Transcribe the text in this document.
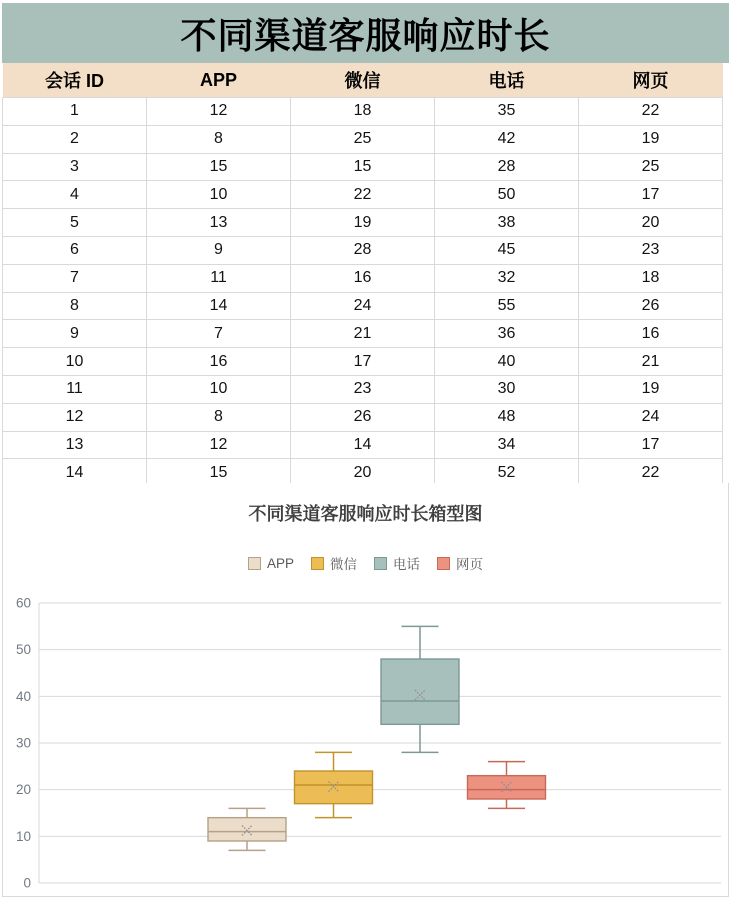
不同渠道客服响应时长
会话 ID	APP	微信	电话	网页
1	12	18	35	22
2	8	25	42	19
3	15	15	28	25
4	10	22	50	17
5	13	19	38	20
6	9	28	45	23
7	11	16	32	18
8	14	24	55	26
9	7	21	36	16
10	16	17	40	21
11	10	23	30	19
12	8	26	48	24
13	12	14	34	17
14	15	20	52	22

不同渠道客服响应时长箱型图
APP	微信	电话	网页
0
10
20
30
40
50
60
